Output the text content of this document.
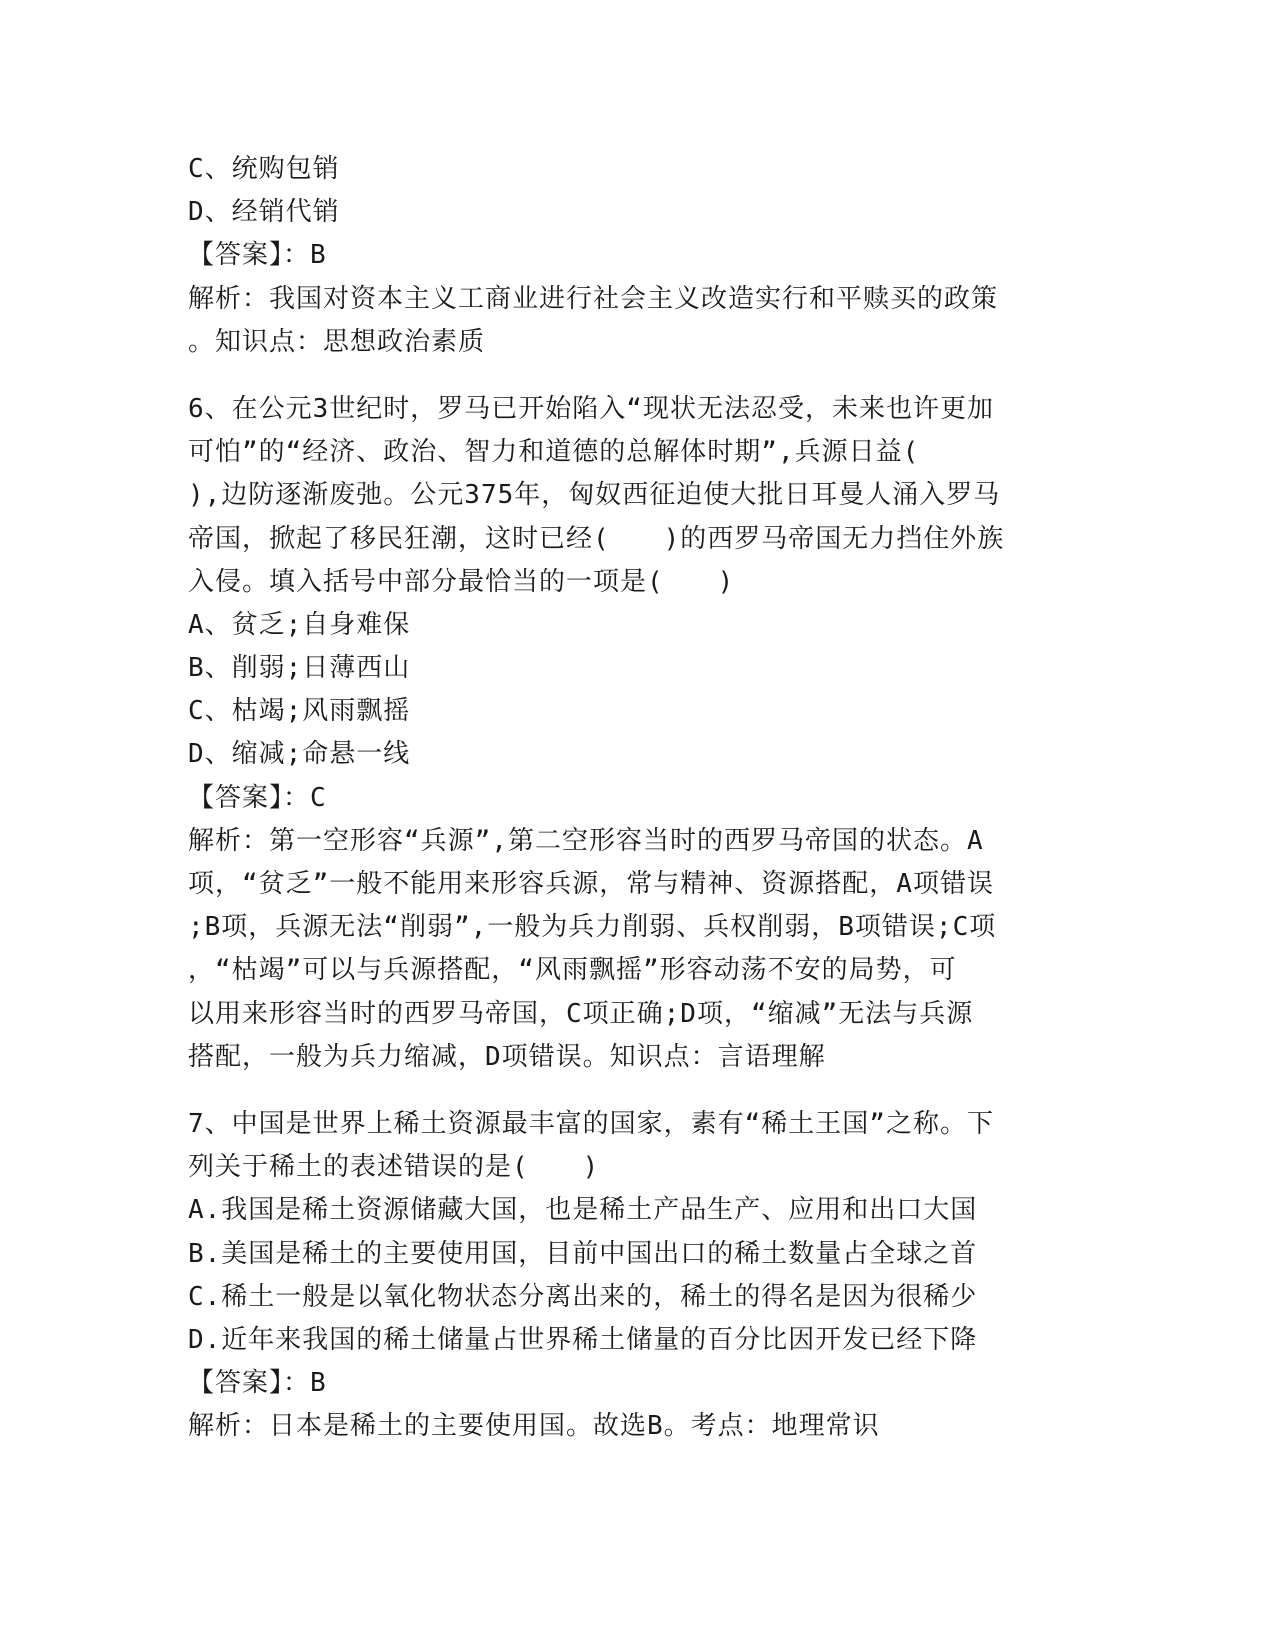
C、统购包销
D、经销代销
【答案】：B
解析：我国对资本主义工商业进行社会主义改造实行和平赎买的政策
。知识点：思想政治素质
6、在公元3世纪时，罗马已开始陷入“现状无法忍受，未来也许更加
可怕”的“经济、政治、智力和道德的总解体时期”,兵源日益(
),边防逐渐废弛。公元375年，匈奴西征迫使大批日耳曼人涌入罗马
帝国，掀起了移民狂潮，这时已经(　　)的西罗马帝国无力挡住外族
入侵。填入括号中部分最恰当的一项是(　　)
A、贫乏;自身难保
B、削弱;日薄西山
C、枯竭;风雨飘摇
D、缩减;命悬一线
【答案】：C
解析：第一空形容“兵源”,第二空形容当时的西罗马帝国的状态。A
项，“贫乏”一般不能用来形容兵源，常与精神、资源搭配，A项错误
;B项，兵源无法“削弱”,一般为兵力削弱、兵权削弱，B项错误;C项
，“枯竭”可以与兵源搭配，“风雨飘摇”形容动荡不安的局势，可
以用来形容当时的西罗马帝国，C项正确;D项，“缩减”无法与兵源
搭配，一般为兵力缩减，D项错误。知识点：言语理解
7、中国是世界上稀土资源最丰富的国家，素有“稀土王国”之称。下
列关于稀土的表述错误的是(　　)
A.我国是稀土资源储藏大国，也是稀土产品生产、应用和出口大国
B.美国是稀土的主要使用国，目前中国出口的稀土数量占全球之首
C.稀土一般是以氧化物状态分离出来的，稀土的得名是因为很稀少
D.近年来我国的稀土储量占世界稀土储量的百分比因开发已经下降
【答案】：B
解析：日本是稀土的主要使用国。故选B。考点：地理常识
